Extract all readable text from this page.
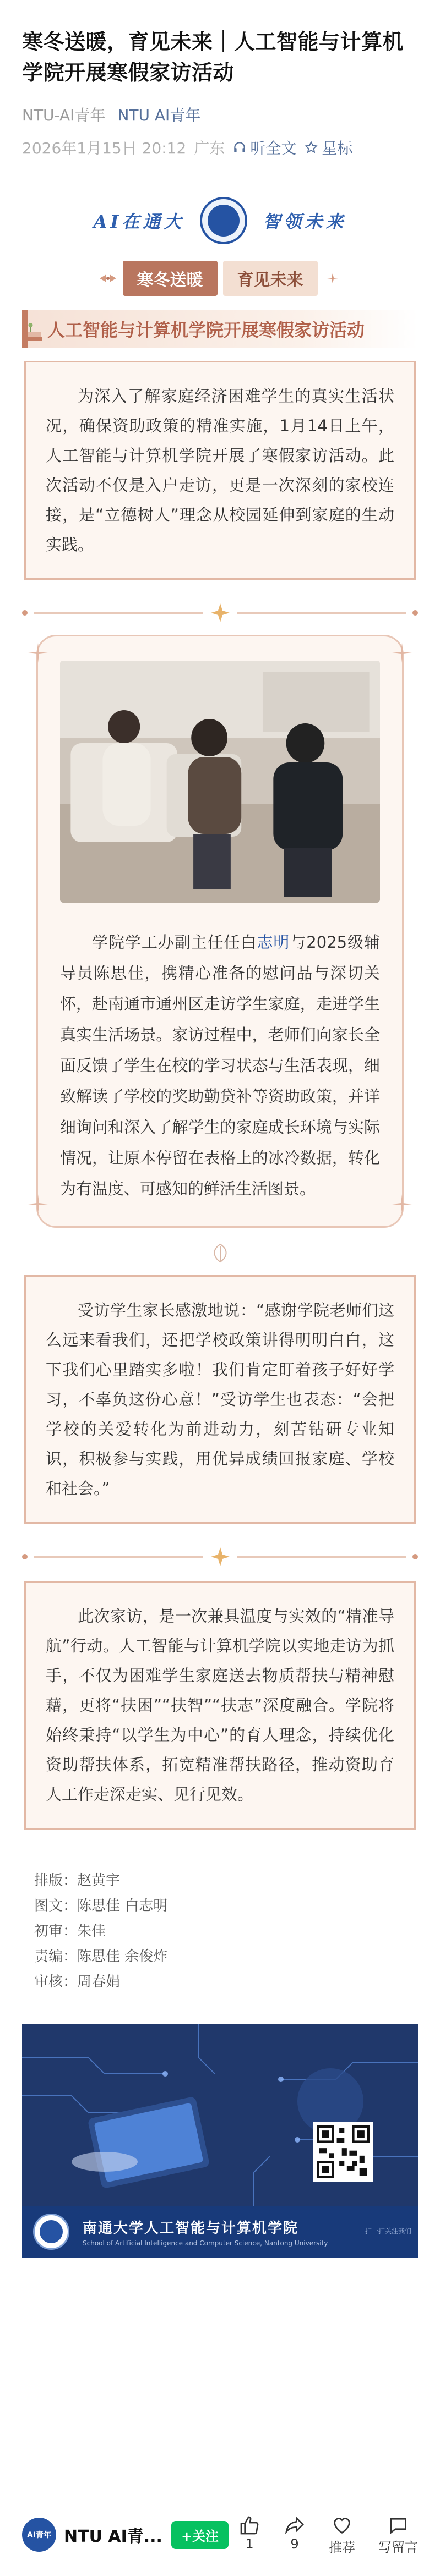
寒冬送暖，育见未来｜人工智能与计算机学院开展寒假家访活动
NTU-AI青年 NTU AI青年
2026年1月15日 20:12 广东 听全文 星标
AI在通大	智领未来
寒冬送暖	育见未来
人工智能与计算机学院开展寒假家访活动

为深入了解家庭经济困难学生的真实生活状况，确保资助政策的精准实施，1月14日上午，人工智能与计算机学院开展了寒假家访活动。此次活动不仅是入户走访，更是一次深刻的家校连接，是“立德树人”理念从校园延伸到家庭的生动实践。

学院学工办副主任任白志明与2025级辅导员陈思佳，携精心准备的慰问品与深切关怀，赴南通市通州区走访学生家庭，走进学生真实生活场景。家访过程中，老师们向家长全面反馈了学生在校的学习状态与生活表现，细致解读了学校的奖助勤贷补等资助政策，并详细询问和深入了解学生的家庭成长环境与实际情况，让原本停留在表格上的冰冷数据，转化为有温度、可感知的鲜活生活图景。

受访学生家长感激地说：“感谢学院老师们这么远来看我们，还把学校政策讲得明明白白，这下我们心里踏实多啦！我们肯定盯着孩子好好学习，不辜负这份心意！”受访学生也表态：“会把学校的关爱转化为前进动力，刻苦钻研专业知识，积极参与实践，用优异成绩回报家庭、学校和社会。”

此次家访，是一次兼具温度与实效的“精准导航”行动。人工智能与计算机学院以实地走访为抓手，不仅为困难学生家庭送去物质帮扶与精神慰藉，更将“扶困”“扶智”“扶志”深度融合。学院将始终秉持“以学生为中心”的育人理念，持续优化资助帮扶体系，拓宽精准帮扶路径，推动资助育人工作走深走实、见行见效。

排版：赵黄宇
图文：陈思佳 白志明
初审：朱佳
责编：陈思佳 余俊炸
审核：周春娟
南通大学人工智能与计算机学院
School of Artificial Intelligence and Computer Science, Nantong University
扫一扫关注我们
AI青年 NTU AI青...	+关注	1	9 推荐 写留言
